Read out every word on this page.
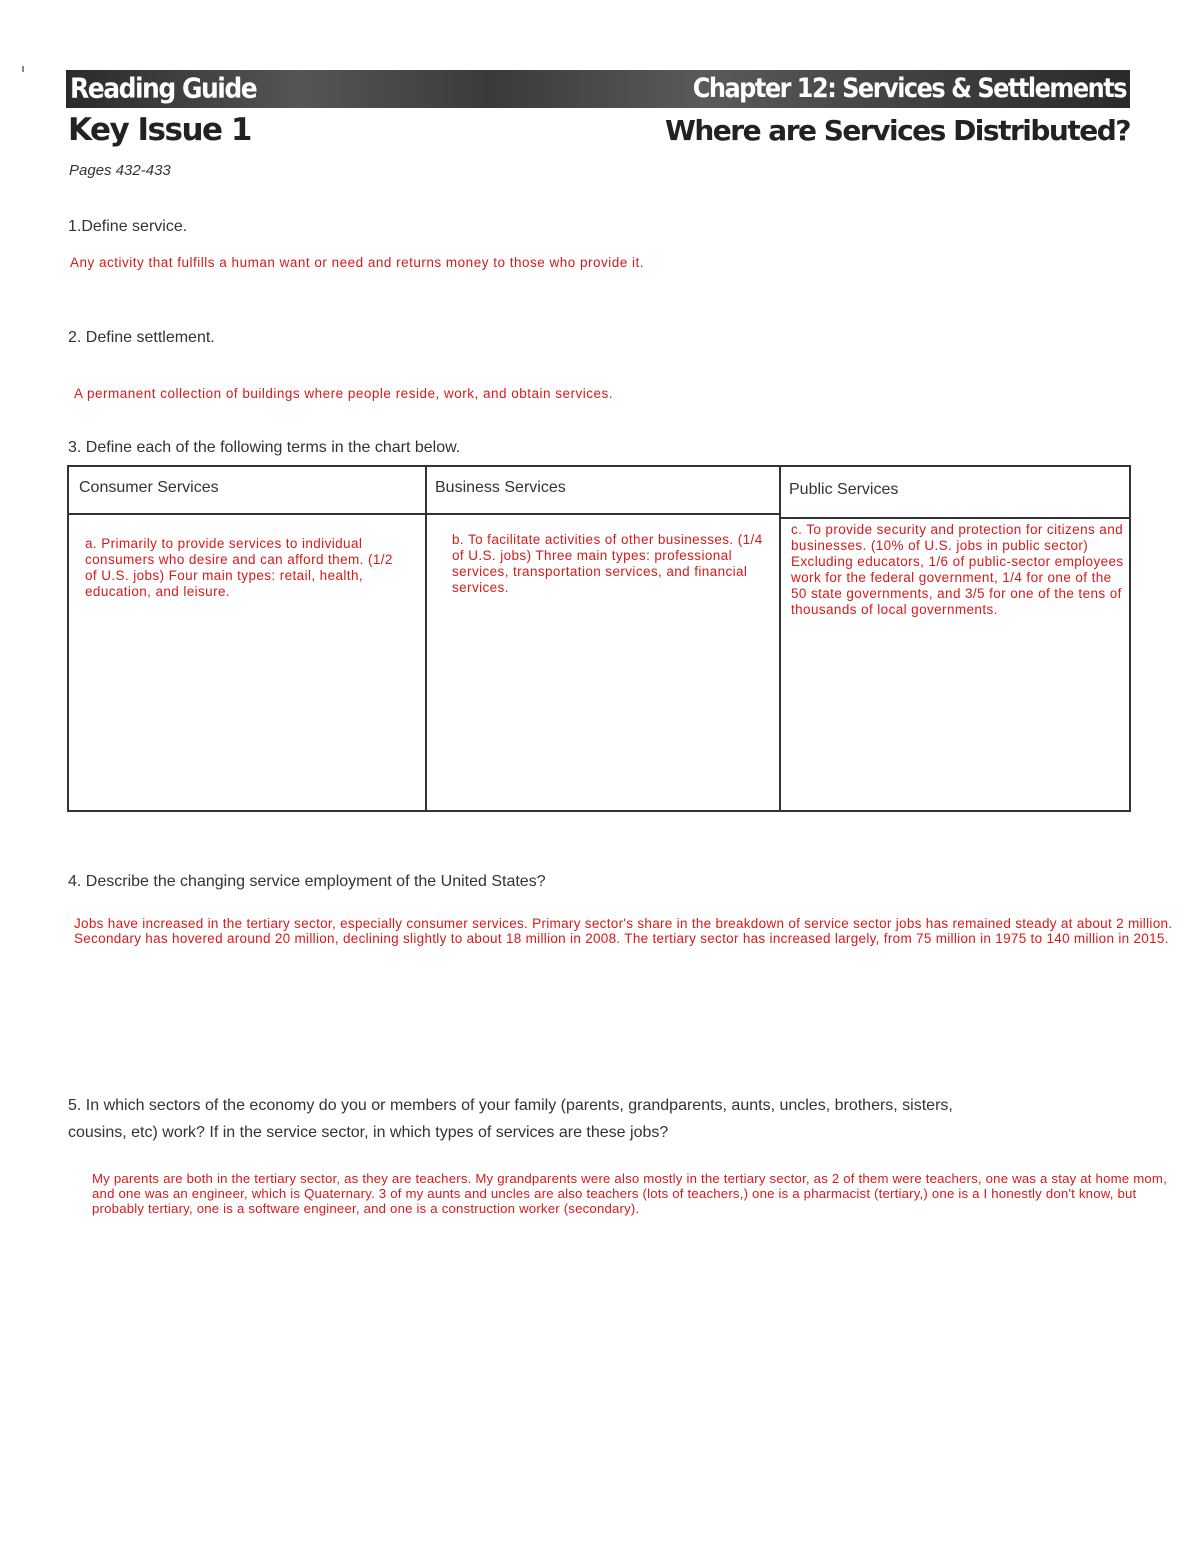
Reading Guide	Chapter 12: Services & Settlements
Key Issue 1	Where are Services Distributed?
Pages 432-433
1.Define service.
Any activity that fulfills a human want or need and returns money to those who provide it.
2. Define settlement.
A permanent collection of buildings where people reside, work, and obtain services.
3. Define each of the following terms in the chart below.
Consumer Services
a. Primarily to provide services to individual consumers who desire and can afford them. (1/2 of U.S. jobs) Four main types: retail, health, education, and leisure.
Business Services
b. To facilitate activities of other businesses. (1/4 of U.S. jobs) Three main types: professional services, transportation services, and financial services.
Public Services
c. To provide security and protection for citizens and businesses. (10% of U.S. jobs in public sector) Excluding educators, 1/6 of public-sector employees work for the federal government, 1/4 for one of the 50 state governments, and 3/5 for one of the tens of thousands of local governments.
4. Describe the changing service employment of the United States?
Jobs have increased in the tertiary sector, especially consumer services. Primary sector's share in the breakdown of service sector jobs has remained steady at about 2 million. Secondary has hovered around 20 million, declining slightly to about 18 million in 2008. The tertiary sector has increased largely, from 75 million in 1975 to 140 million in 2015.
5. In which sectors of the economy do you or members of your family (parents, grandparents, aunts, uncles, brothers, sisters,
cousins, etc) work? If in the service sector, in which types of services are these jobs?
My parents are both in the tertiary sector, as they are teachers. My grandparents were also mostly in the tertiary sector, as 2 of them were teachers, one was a stay at home mom, and one was an engineer, which is Quaternary. 3 of my aunts and uncles are also teachers (lots of teachers,) one is a pharmacist (tertiary,) one is a I honestly don't know, but probably tertiary, one is a software engineer, and one is a construction worker (secondary).
